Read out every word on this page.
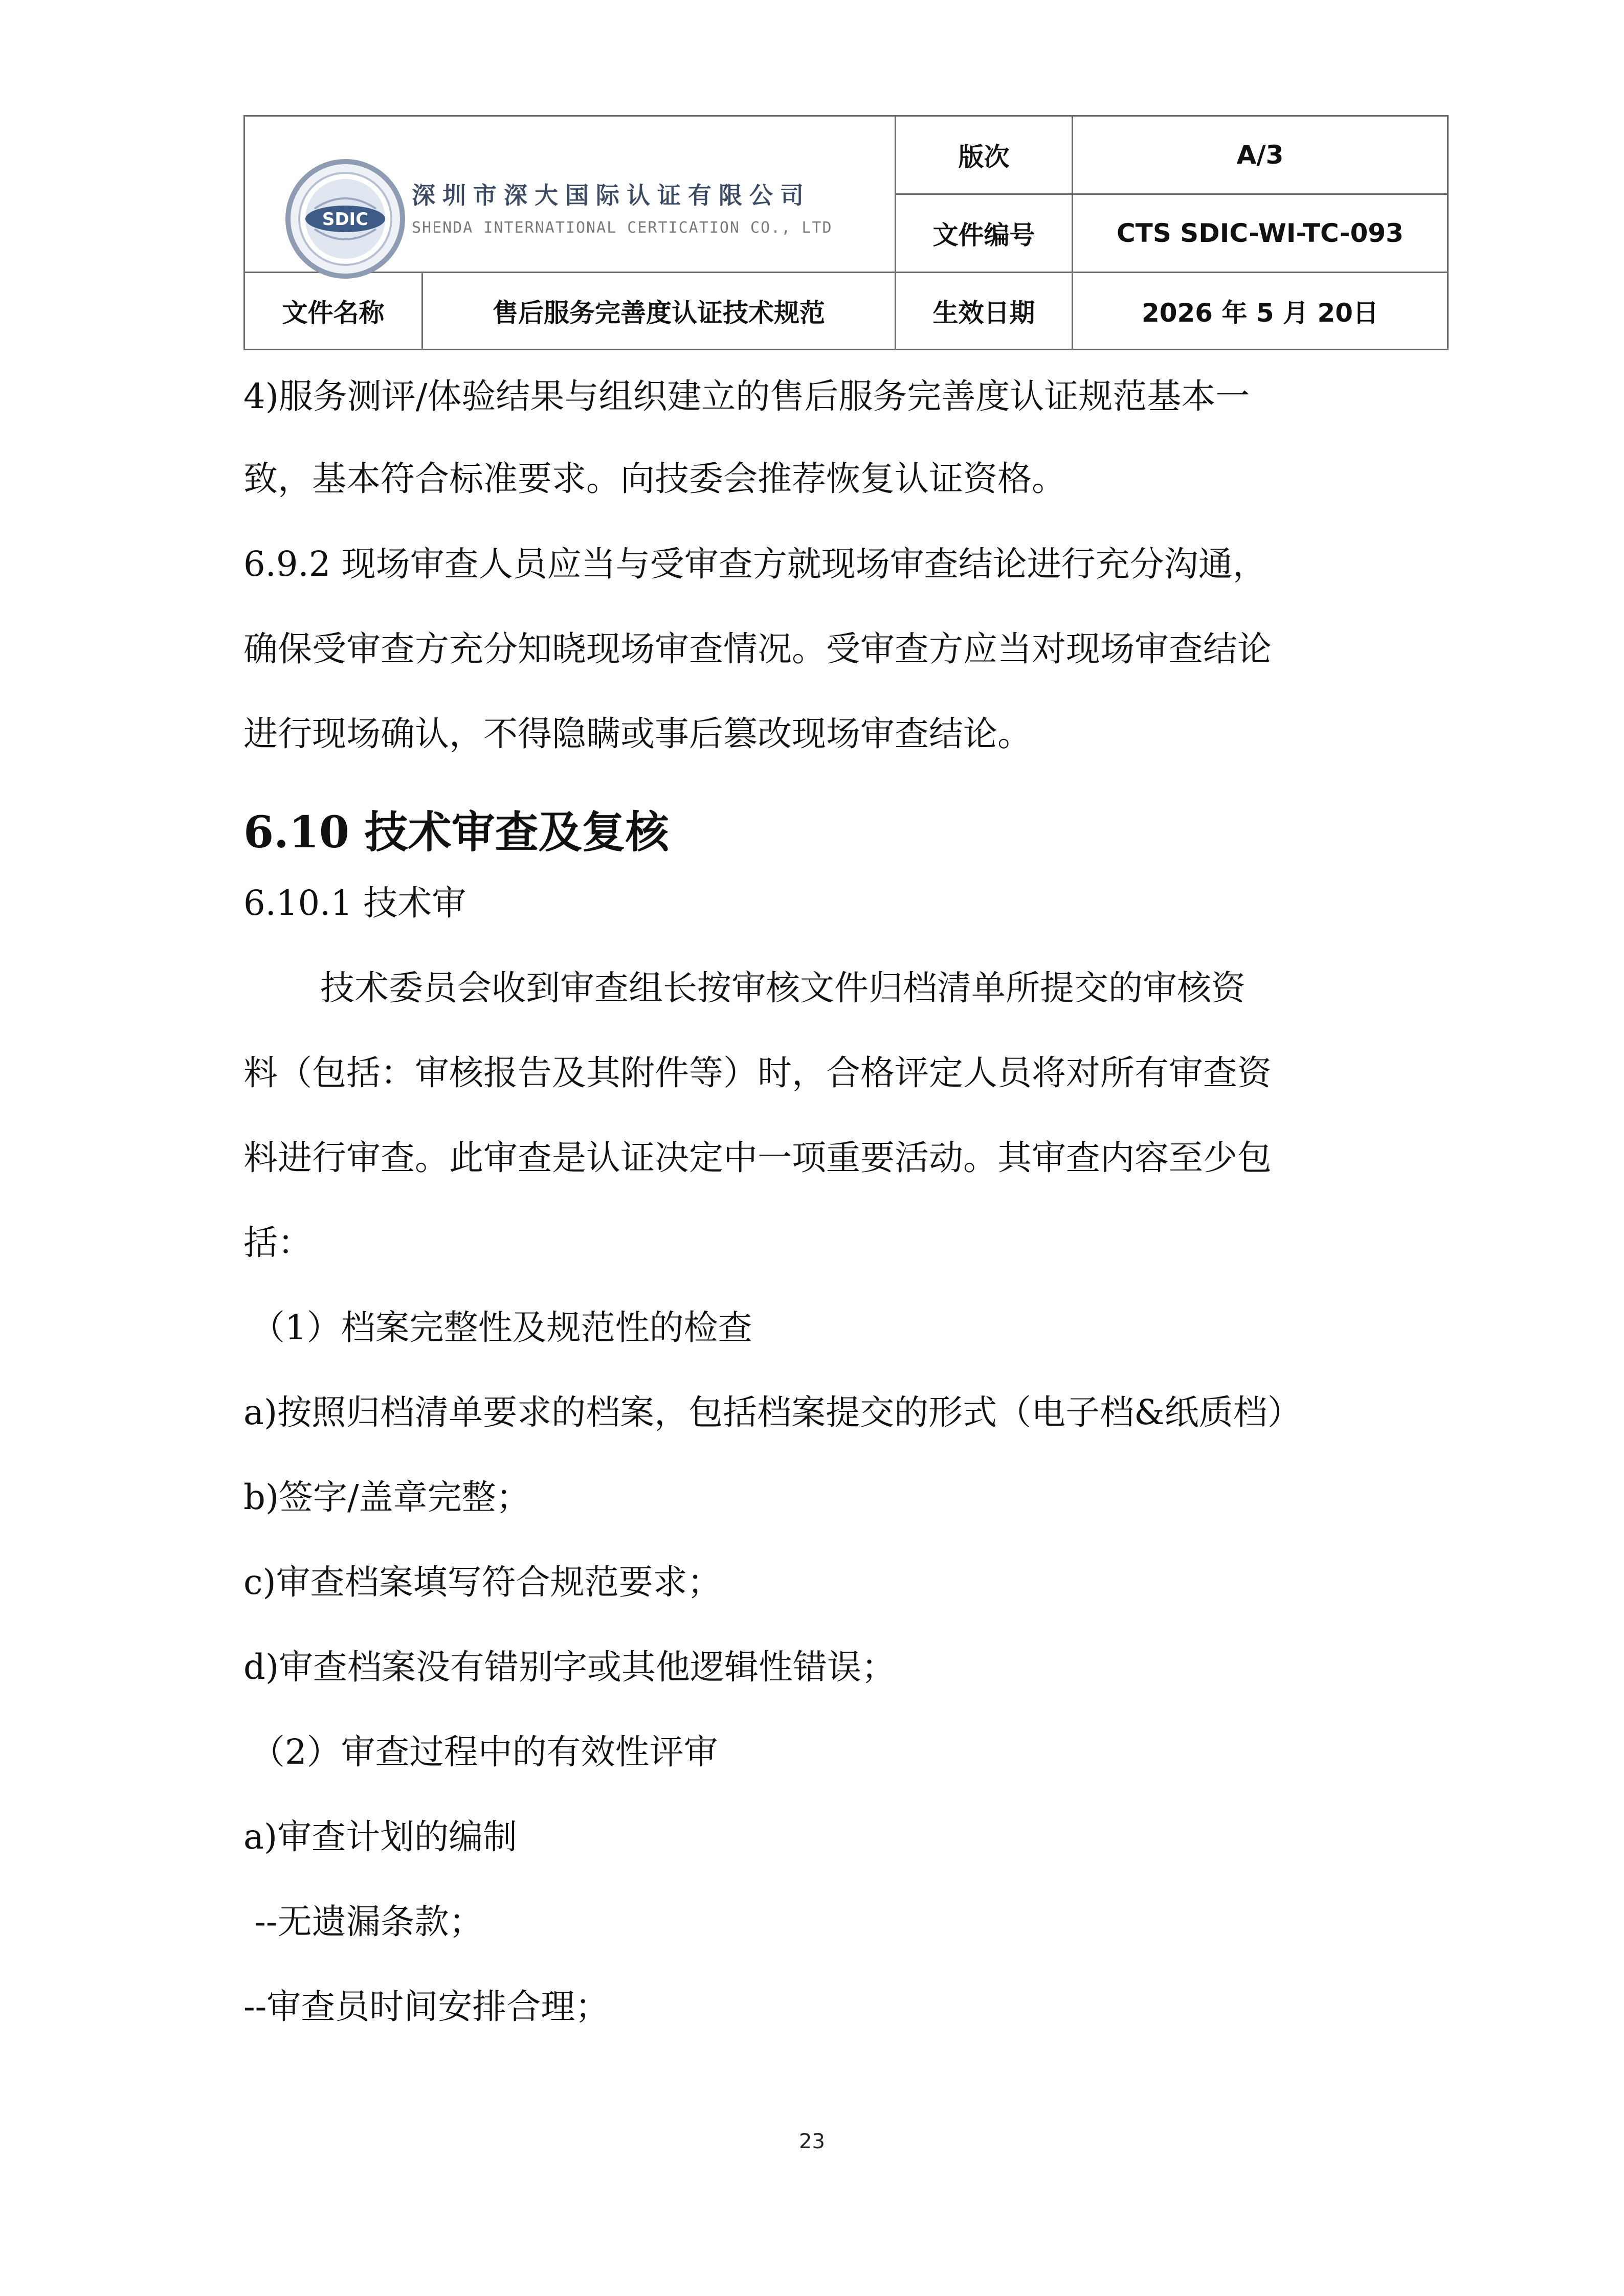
SDIC
深圳市深大国际认证有限公司
SHENDA INTERNATIONAL CERTICATION CO., LTD
版次	A/3
文件编号	CTS SDIC-WI-TC-093
文件名称	售后服务完善度认证技术规范	生效日期	2026 年 5 月 20日
4)服务测评/体验结果与组织建立的售后服务完善度认证规范基本一
致，基本符合标准要求。向技委会推荐恢复认证资格。
6.9.2 现场审查人员应当与受审查方就现场审查结论进行充分沟通，
确保受审查方充分知晓现场审查情况。受审查方应当对现场审查结论
进行现场确认，不得隐瞒或事后篡改现场审查结论。
6.10 技术审查及复核
6.10.1 技术审
技术委员会收到审查组长按审核文件归档清单所提交的审核资
料（包括：审核报告及其附件等）时，合格评定人员将对所有审查资
料进行审查。此审查是认证决定中一项重要活动。其审查内容至少包
括：
（1）档案完整性及规范性的检查
a)按照归档清单要求的档案，包括档案提交的形式（电子档&纸质档）
b)签字/盖章完整；
c)审查档案填写符合规范要求；
d)审查档案没有错别字或其他逻辑性错误；
（2）审查过程中的有效性评审
a)审查计划的编制
--无遗漏条款；
--审查员时间安排合理；
23
